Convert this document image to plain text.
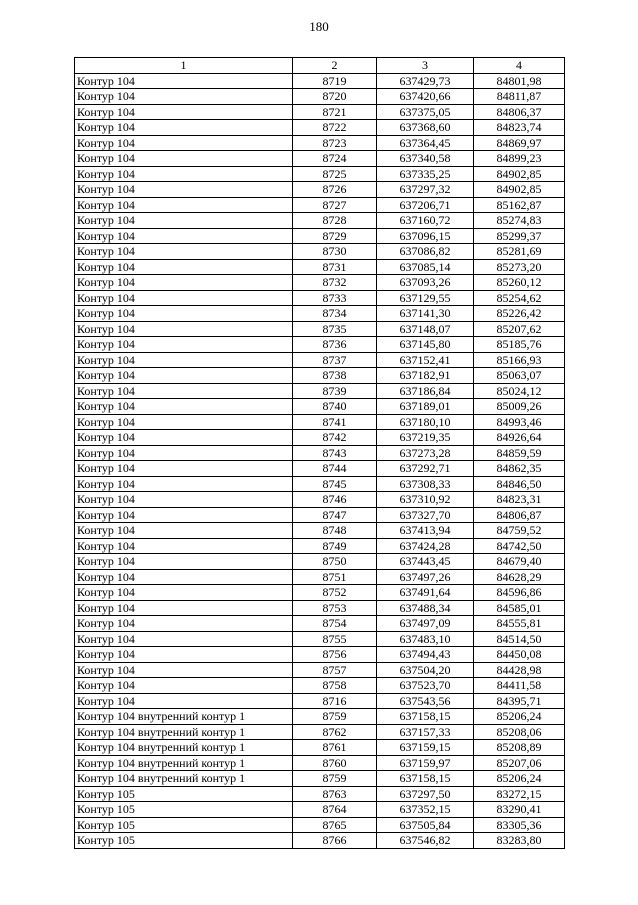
180
1	2	3	4
Контур 104	8719	637429,73	84801,98
Контур 104	8720	637420,66	84811,87
Контур 104	8721	637375,05	84806,37
Контур 104	8722	637368,60	84823,74
Контур 104	8723	637364,45	84869,97
Контур 104	8724	637340,58	84899,23
Контур 104	8725	637335,25	84902,85
Контур 104	8726	637297,32	84902,85
Контур 104	8727	637206,71	85162,87
Контур 104	8728	637160,72	85274,83
Контур 104	8729	637096,15	85299,37
Контур 104	8730	637086,82	85281,69
Контур 104	8731	637085,14	85273,20
Контур 104	8732	637093,26	85260,12
Контур 104	8733	637129,55	85254,62
Контур 104	8734	637141,30	85226,42
Контур 104	8735	637148,07	85207,62
Контур 104	8736	637145,80	85185,76
Контур 104	8737	637152,41	85166,93
Контур 104	8738	637182,91	85063,07
Контур 104	8739	637186,84	85024,12
Контур 104	8740	637189,01	85009,26
Контур 104	8741	637180,10	84993,46
Контур 104	8742	637219,35	84926,64
Контур 104	8743	637273,28	84859,59
Контур 104	8744	637292,71	84862,35
Контур 104	8745	637308,33	84846,50
Контур 104	8746	637310,92	84823,31
Контур 104	8747	637327,70	84806,87
Контур 104	8748	637413,94	84759,52
Контур 104	8749	637424,28	84742,50
Контур 104	8750	637443,45	84679,40
Контур 104	8751	637497,26	84628,29
Контур 104	8752	637491,64	84596,86
Контур 104	8753	637488,34	84585,01
Контур 104	8754	637497,09	84555,81
Контур 104	8755	637483,10	84514,50
Контур 104	8756	637494,43	84450,08
Контур 104	8757	637504,20	84428,98
Контур 104	8758	637523,70	84411,58
Контур 104	8716	637543,56	84395,71
Контур 104 внутренний контур 1	8759	637158,15	85206,24
Контур 104 внутренний контур 1	8762	637157,33	85208,06
Контур 104 внутренний контур 1	8761	637159,15	85208,89
Контур 104 внутренний контур 1	8760	637159,97	85207,06
Контур 104 внутренний контур 1	8759	637158,15	85206,24
Контур 105	8763	637297,50	83272,15
Контур 105	8764	637352,15	83290,41
Контур 105	8765	637505,84	83305,36
Контур 105	8766	637546,82	83283,80
